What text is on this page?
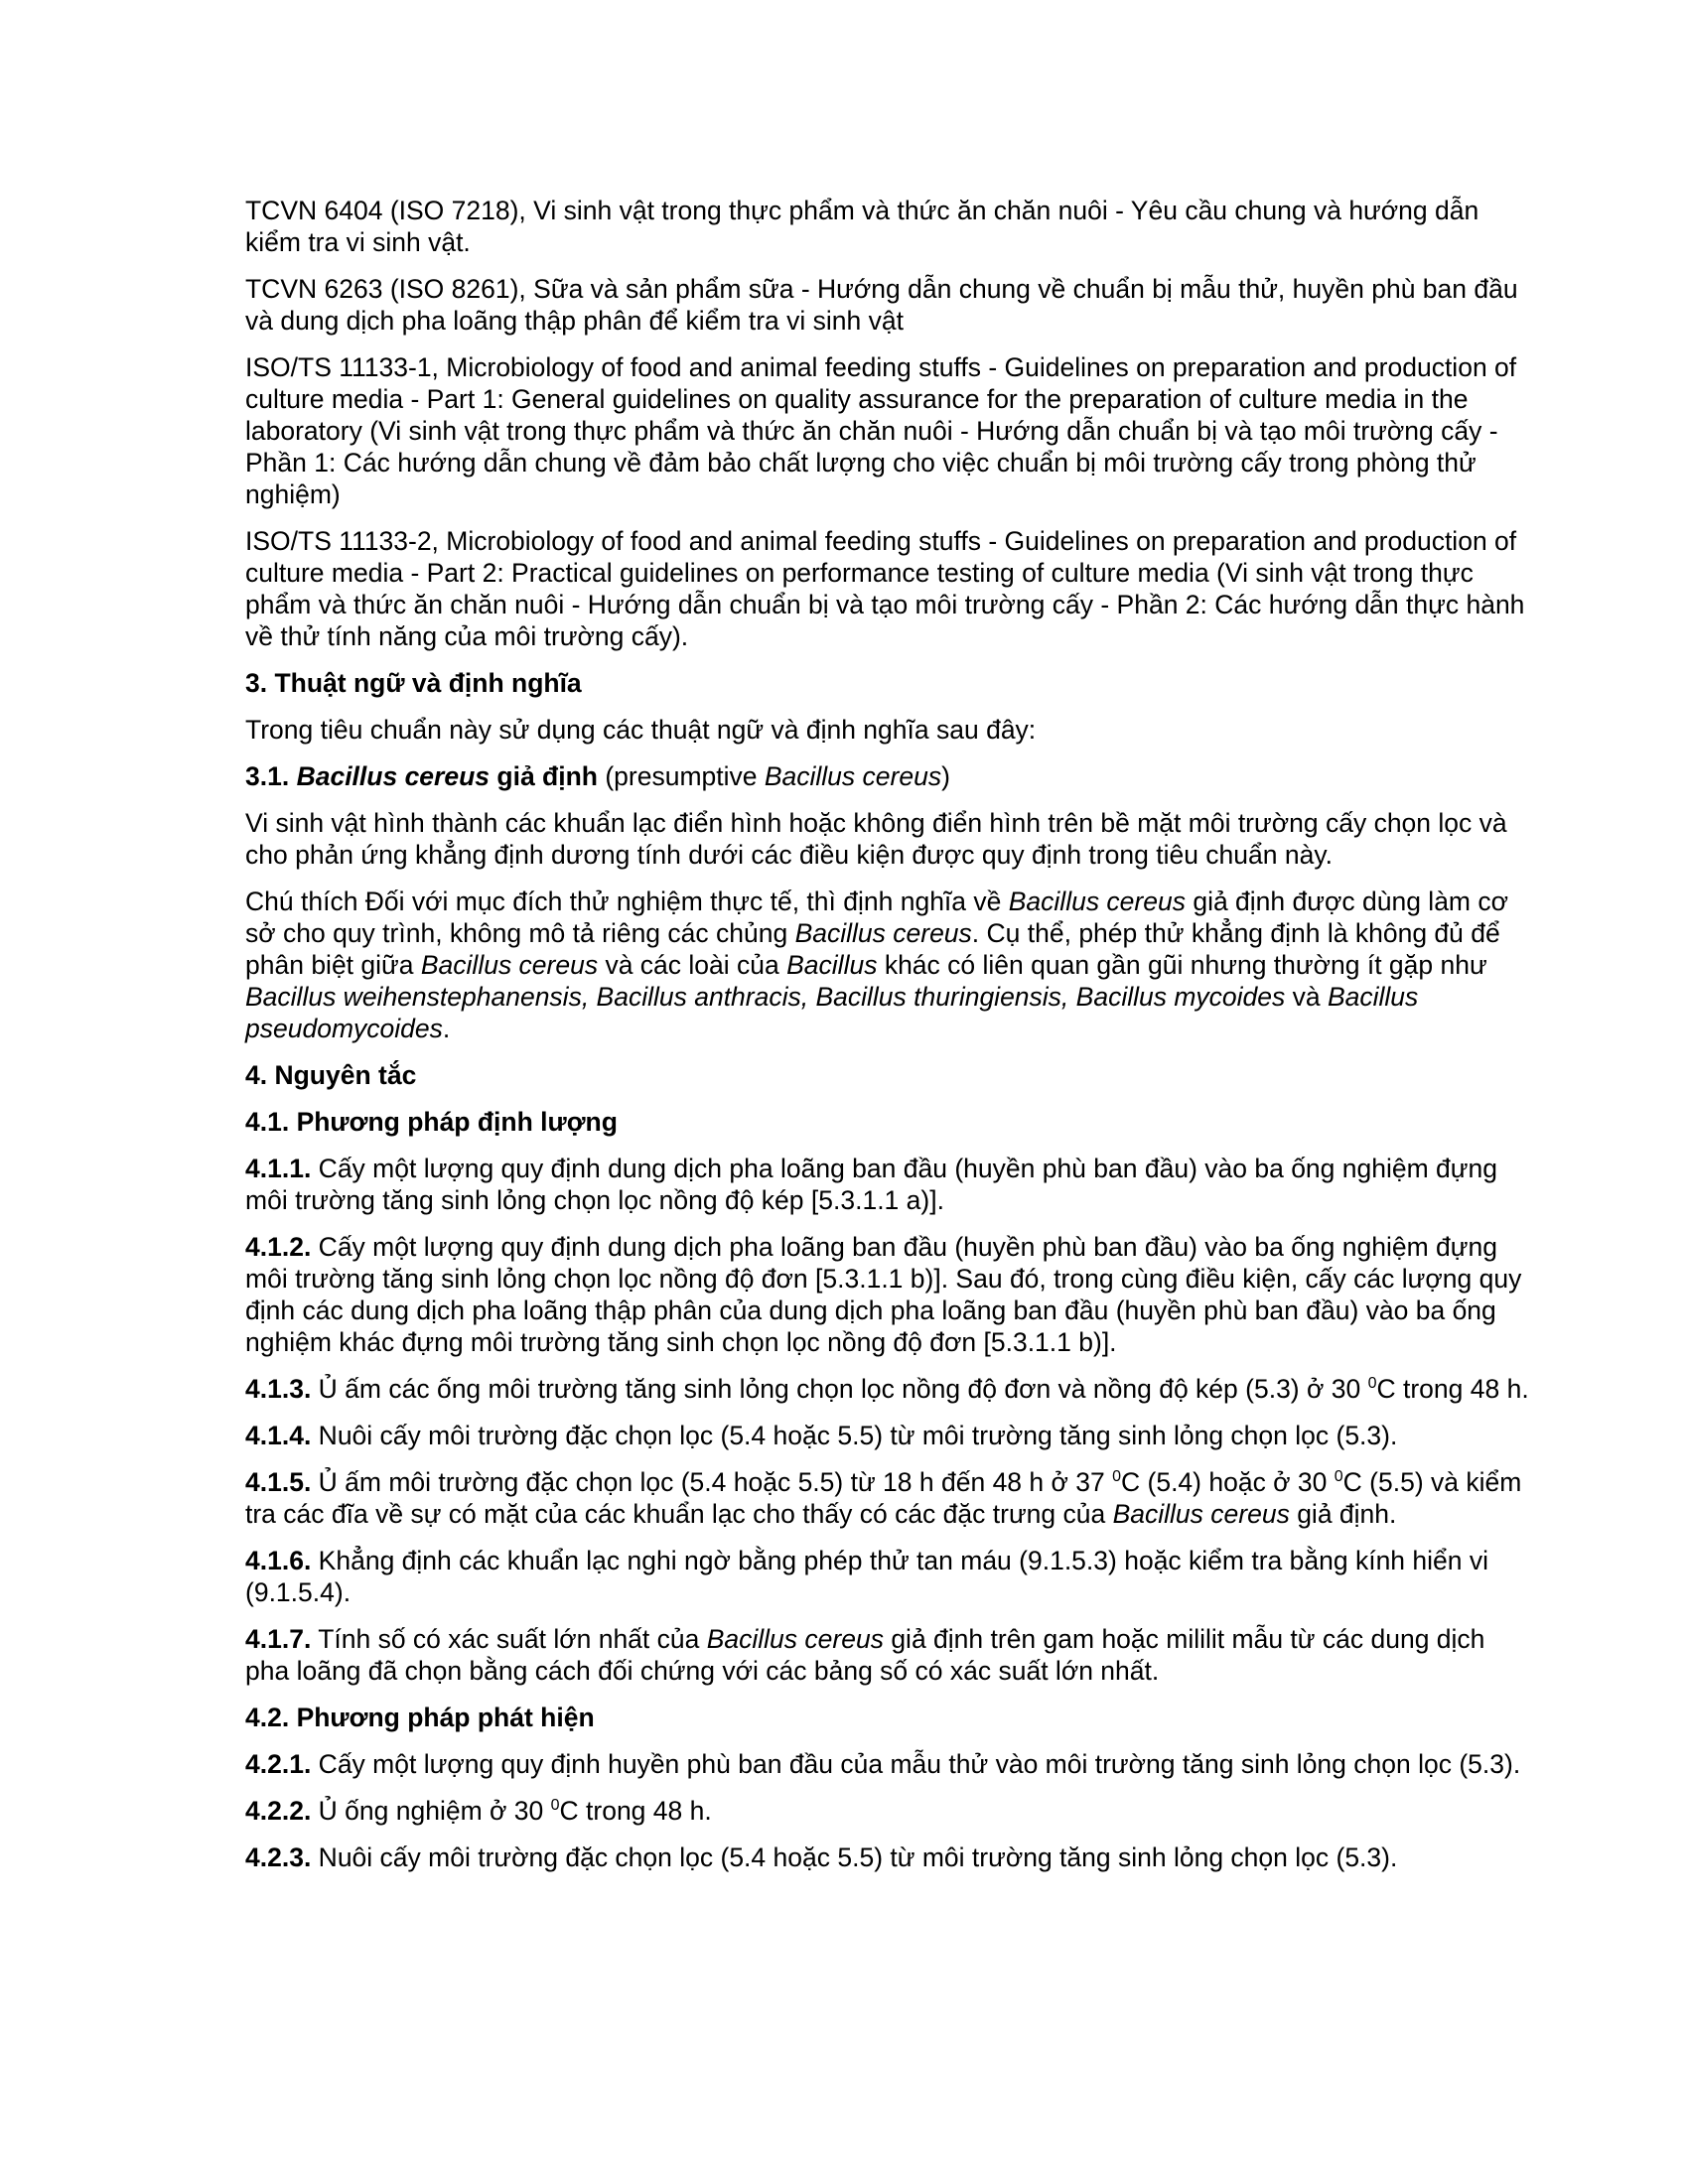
TCVN 6404 (ISO 7218), Vi sinh vật trong thực phẩm và thức ăn chăn nuôi - Yêu cầu chung và hướng dẫn kiểm tra vi sinh vật.

TCVN 6263 (ISO 8261), Sữa và sản phẩm sữa - Hướng dẫn chung về chuẩn bị mẫu thử, huyền phù ban đầu và dung dịch pha loãng thập phân để kiểm tra vi sinh vật

ISO/TS 11133-1, Microbiology of food and animal feeding stuffs - Guidelines on preparation and production of culture media - Part 1: General guidelines on quality assurance for the preparation of culture media in the laboratory (Vi sinh vật trong thực phẩm và thức ăn chăn nuôi - Hướng dẫn chuẩn bị và tạo môi trường cấy - Phần 1: Các hướng dẫn chung về đảm bảo chất lượng cho việc chuẩn bị môi trường cấy trong phòng thử nghiệm)

ISO/TS 11133-2, Microbiology of food and animal feeding stuffs - Guidelines on preparation and production of culture media - Part 2: Practical guidelines on performance testing of culture media (Vi sinh vật trong thực phẩm và thức ăn chăn nuôi - Hướng dẫn chuẩn bị và tạo môi trường cấy - Phần 2: Các hướng dẫn thực hành về thử tính năng của môi trường cấy).

3. Thuật ngữ và định nghĩa

Trong tiêu chuẩn này sử dụng các thuật ngữ và định nghĩa sau đây:

3.1. Bacillus cereus giả định (presumptive Bacillus cereus)

Vi sinh vật hình thành các khuẩn lạc điển hình hoặc không điển hình trên bề mặt môi trường cấy chọn lọc và cho phản ứng khẳng định dương tính dưới các điều kiện được quy định trong tiêu chuẩn này.

Chú thích Đối với mục đích thử nghiệm thực tế, thì định nghĩa về Bacillus cereus giả định được dùng làm cơ sở cho quy trình, không mô tả riêng các chủng Bacillus cereus. Cụ thể, phép thử khẳng định là không đủ để phân biệt giữa Bacillus cereus và các loài của Bacillus khác có liên quan gần gũi nhưng thường ít gặp như Bacillus weihenstephanensis, Bacillus anthracis, Bacillus thuringiensis, Bacillus mycoides và Bacillus pseudomycoides.

4. Nguyên tắc

4.1. Phương pháp định lượng

4.1.1. Cấy một lượng quy định dung dịch pha loãng ban đầu (huyền phù ban đầu) vào ba ống nghiệm đựng môi trường tăng sinh lỏng chọn lọc nồng độ kép [5.3.1.1 a)].

4.1.2. Cấy một lượng quy định dung dịch pha loãng ban đầu (huyền phù ban đầu) vào ba ống nghiệm đựng môi trường tăng sinh lỏng chọn lọc nồng độ đơn [5.3.1.1 b)]. Sau đó, trong cùng điều kiện, cấy các lượng quy định các dung dịch pha loãng thập phân của dung dịch pha loãng ban đầu (huyền phù ban đầu) vào ba ống nghiệm khác đựng môi trường tăng sinh chọn lọc nồng độ đơn [5.3.1.1 b)].

4.1.3. Ủ ấm các ống môi trường tăng sinh lỏng chọn lọc nồng độ đơn và nồng độ kép (5.3) ở 30 $^0$C trong 48 h.

4.1.4. Nuôi cấy môi trường đặc chọn lọc (5.4 hoặc 5.5) từ môi trường tăng sinh lỏng chọn lọc (5.3).

4.1.5. Ủ ấm môi trường đặc chọn lọc (5.4 hoặc 5.5) từ 18 h đến 48 h ở 37 $^0$C (5.4) hoặc ở 30 $^0$C (5.5) và kiểm tra các đĩa về sự có mặt của các khuẩn lạc cho thấy có các đặc trưng của Bacillus cereus giả định.

4.1.6. Khẳng định các khuẩn lạc nghi ngờ bằng phép thử tan máu (9.1.5.3) hoặc kiểm tra bằng kính hiển vi (9.1.5.4).

4.1.7. Tính số có xác suất lớn nhất của Bacillus cereus giả định trên gam hoặc mililit mẫu từ các dung dịch pha loãng đã chọn bằng cách đối chứng với các bảng số có xác suất lớn nhất.

4.2. Phương pháp phát hiện

4.2.1. Cấy một lượng quy định huyền phù ban đầu của mẫu thử vào môi trường tăng sinh lỏng chọn lọc (5.3).

4.2.2. Ủ ống nghiệm ở 30 $^0$C trong 48 h.

4.2.3. Nuôi cấy môi trường đặc chọn lọc (5.4 hoặc 5.5) từ môi trường tăng sinh lỏng chọn lọc (5.3).
